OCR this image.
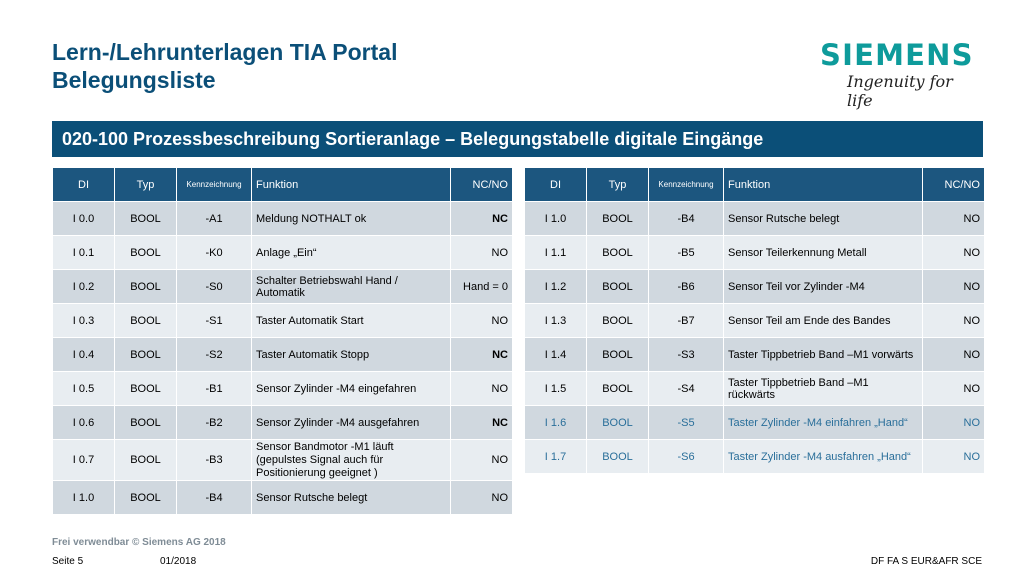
Lern-/Lehrunterlagen TIA Portal
Belegungsliste
SIEMENS
Ingenuity for life
020-100 Prozessbeschreibung Sortieranlage – Belegungstabelle digitale Eingänge
DI	Typ	Kennzeichnung	Funktion	NC/NO
I 0.0	BOOL	-A1	Meldung NOTHALT ok	NC
I 0.1	BOOL	-K0	Anlage „Ein“	NO
I 0.2	BOOL	-S0	Schalter Betriebswahl Hand / Automatik	Hand = 0
I 0.3	BOOL	-S1	Taster Automatik Start	NO
I 0.4	BOOL	-S2	Taster Automatik Stopp	NC
I 0.5	BOOL	-B1	Sensor Zylinder -M4 eingefahren	NO
I 0.6	BOOL	-B2	Sensor Zylinder -M4 ausgefahren	NC
I 0.7	BOOL	-B3	Sensor Bandmotor -M1 läuft (gepulstes Signal auch für Positionierung geeignet )	NO
I 1.0	BOOL	-B4	Sensor Rutsche belegt	NO
DI	Typ	Kennzeichnung	Funktion	NC/NO
I 1.0	BOOL	-B4	Sensor Rutsche belegt	NO
I 1.1	BOOL	-B5	Sensor Teilerkennung Metall	NO
I 1.2	BOOL	-B6	Sensor Teil vor Zylinder -M4	NO
I 1.3	BOOL	-B7	Sensor Teil am Ende des Bandes	NO
I 1.4	BOOL	-S3	Taster Tippbetrieb Band –M1 vorwärts	NO
I 1.5	BOOL	-S4	Taster Tippbetrieb Band –M1 rückwärts	NO
I 1.6	BOOL	-S5	Taster Zylinder -M4 einfahren „Hand“	NO
I 1.7	BOOL	-S6	Taster Zylinder -M4 ausfahren „Hand“	NO
Frei verwendbar © Siemens AG 2018
Seite 5	01/2018	DF FA S EUR&AFR SCE
